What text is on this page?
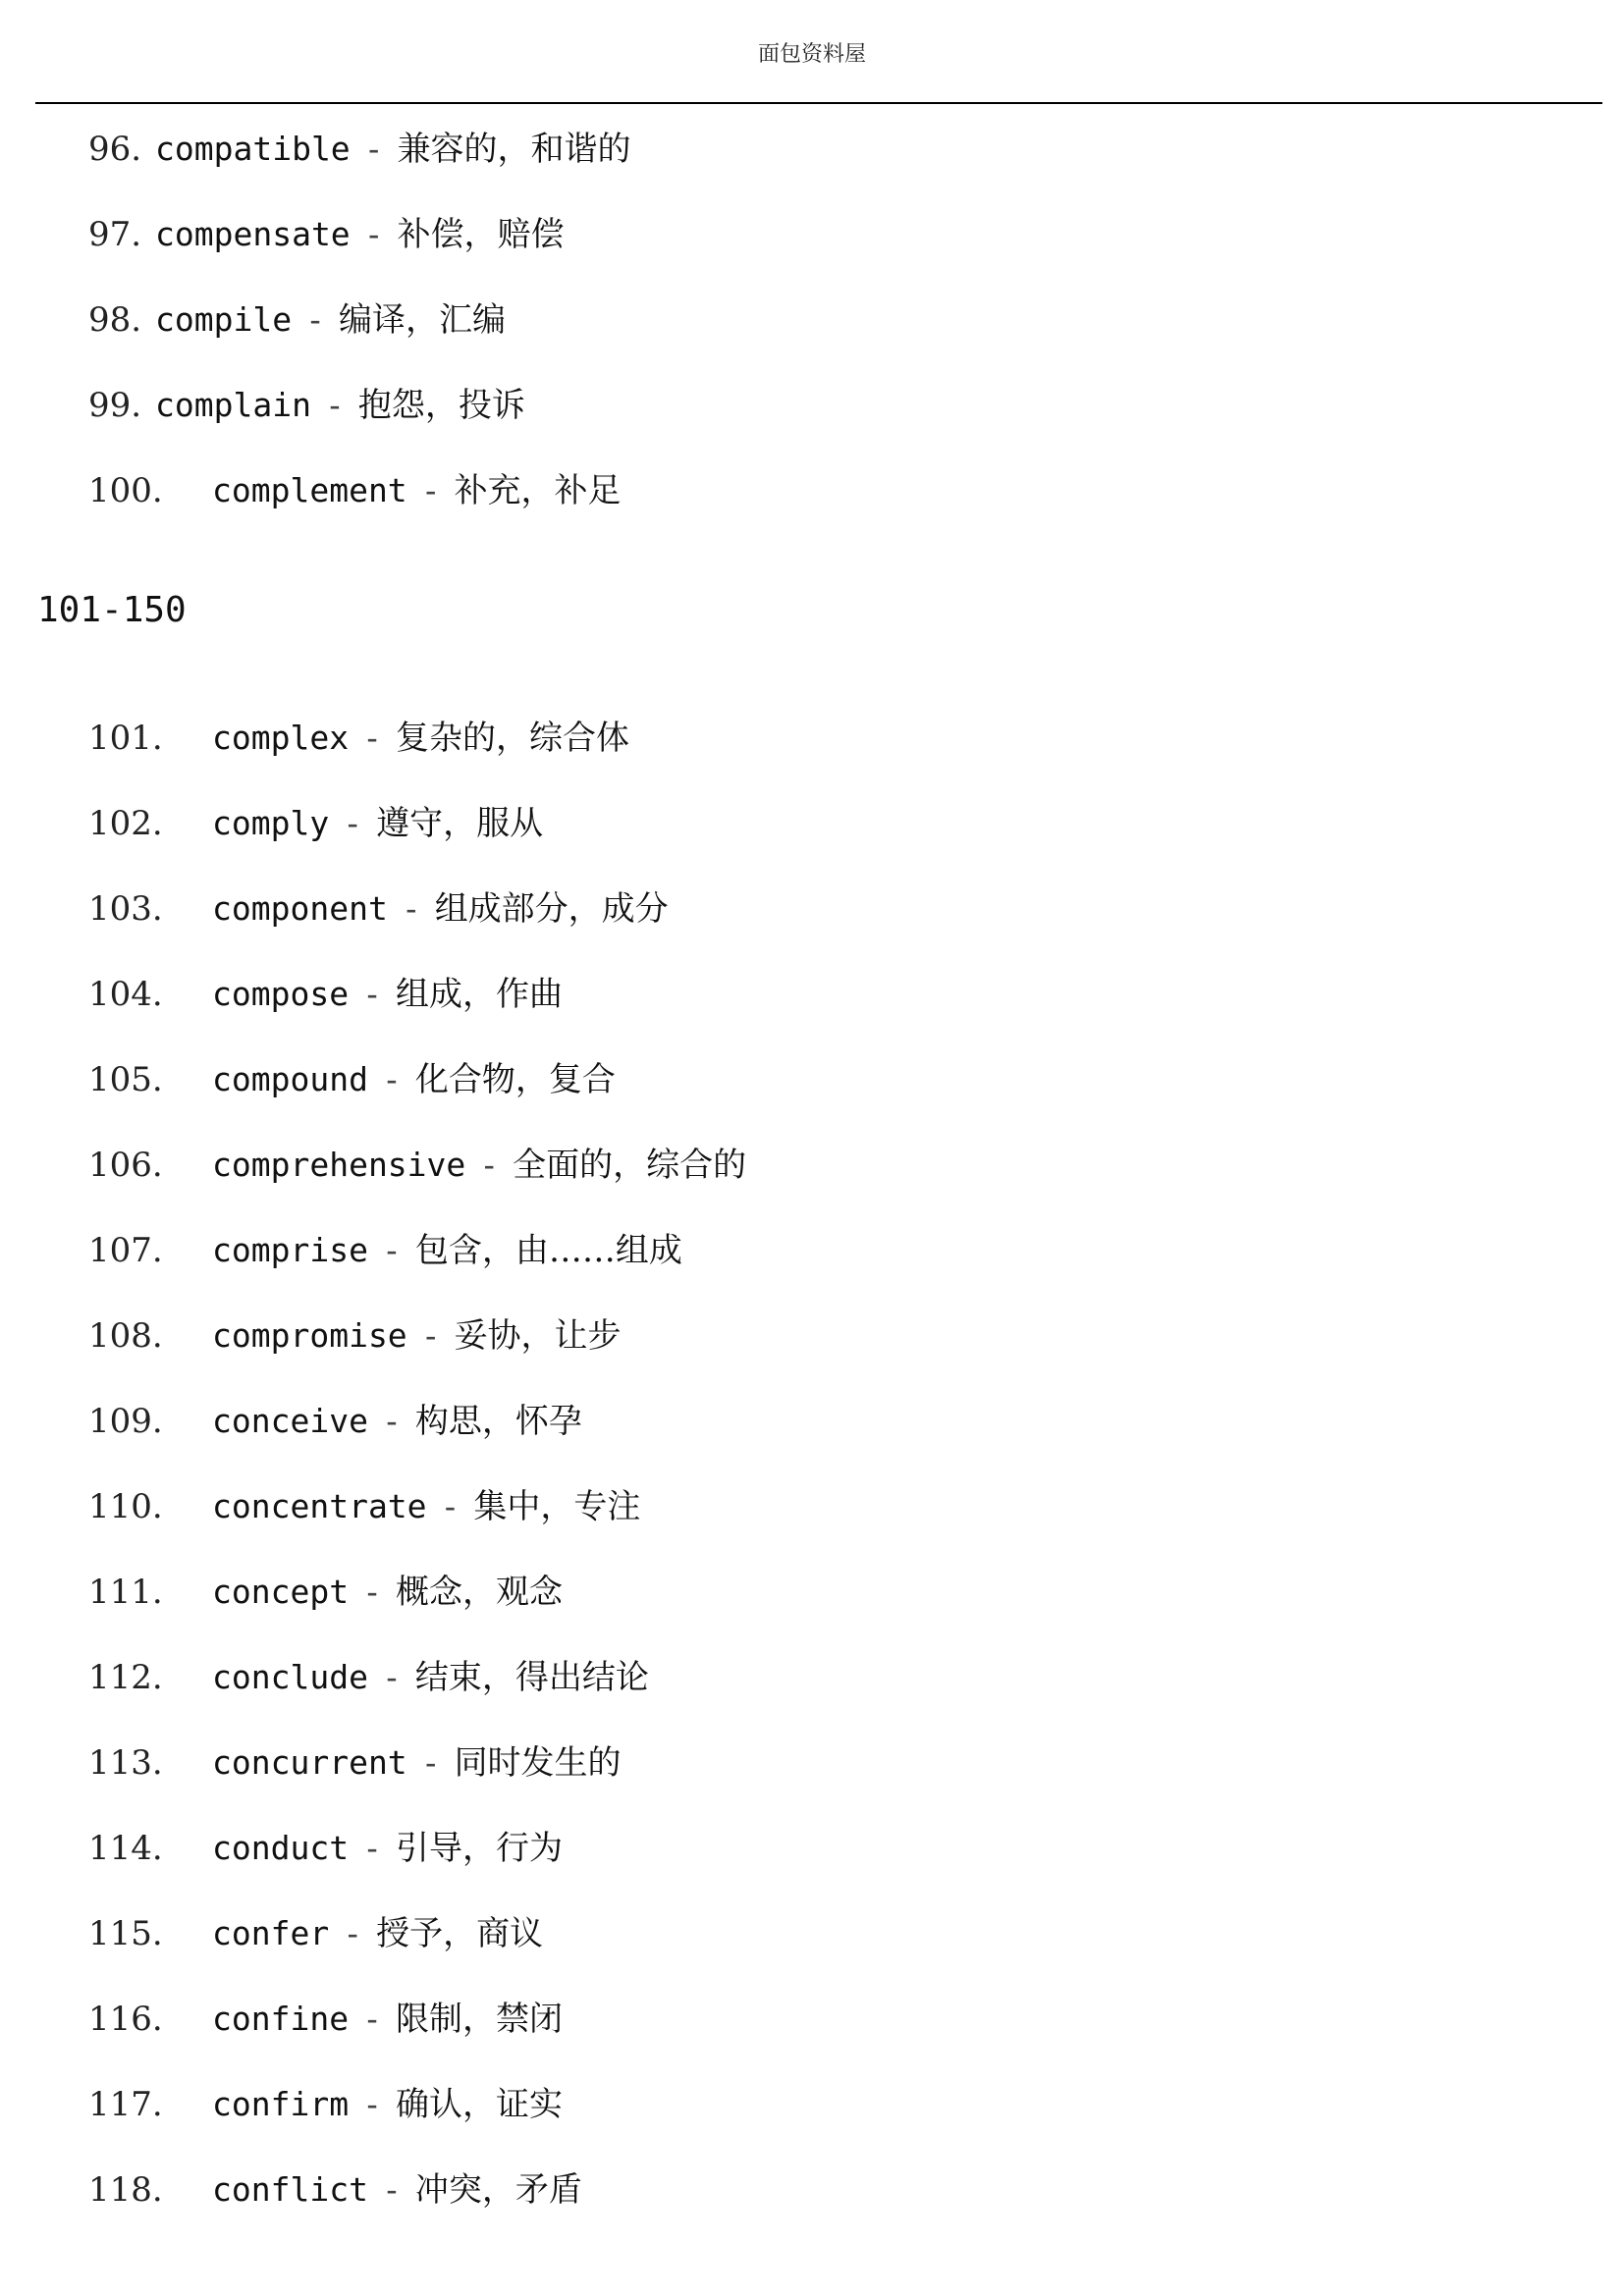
面包资料屋
96. compatible - 兼容的，和谐的
97. compensate - 补偿，赔偿
98. compile - 编译，汇编
99. complain - 抱怨，投诉
100. complement - 补充，补足
101-150
101. complex - 复杂的，综合体
102. comply - 遵守，服从
103. component - 组成部分，成分
104. compose - 组成，作曲
105. compound - 化合物，复合
106. comprehensive - 全面的，综合的
107. comprise - 包含，由……组成
108. compromise - 妥协，让步
109. conceive - 构思，怀孕
110. concentrate - 集中，专注
111. concept - 概念，观念
112. conclude - 结束，得出结论
113. concurrent - 同时发生的
114. conduct - 引导，行为
115. confer - 授予，商议
116. confine - 限制，禁闭
117. confirm - 确认，证实
118. conflict - 冲突，矛盾
